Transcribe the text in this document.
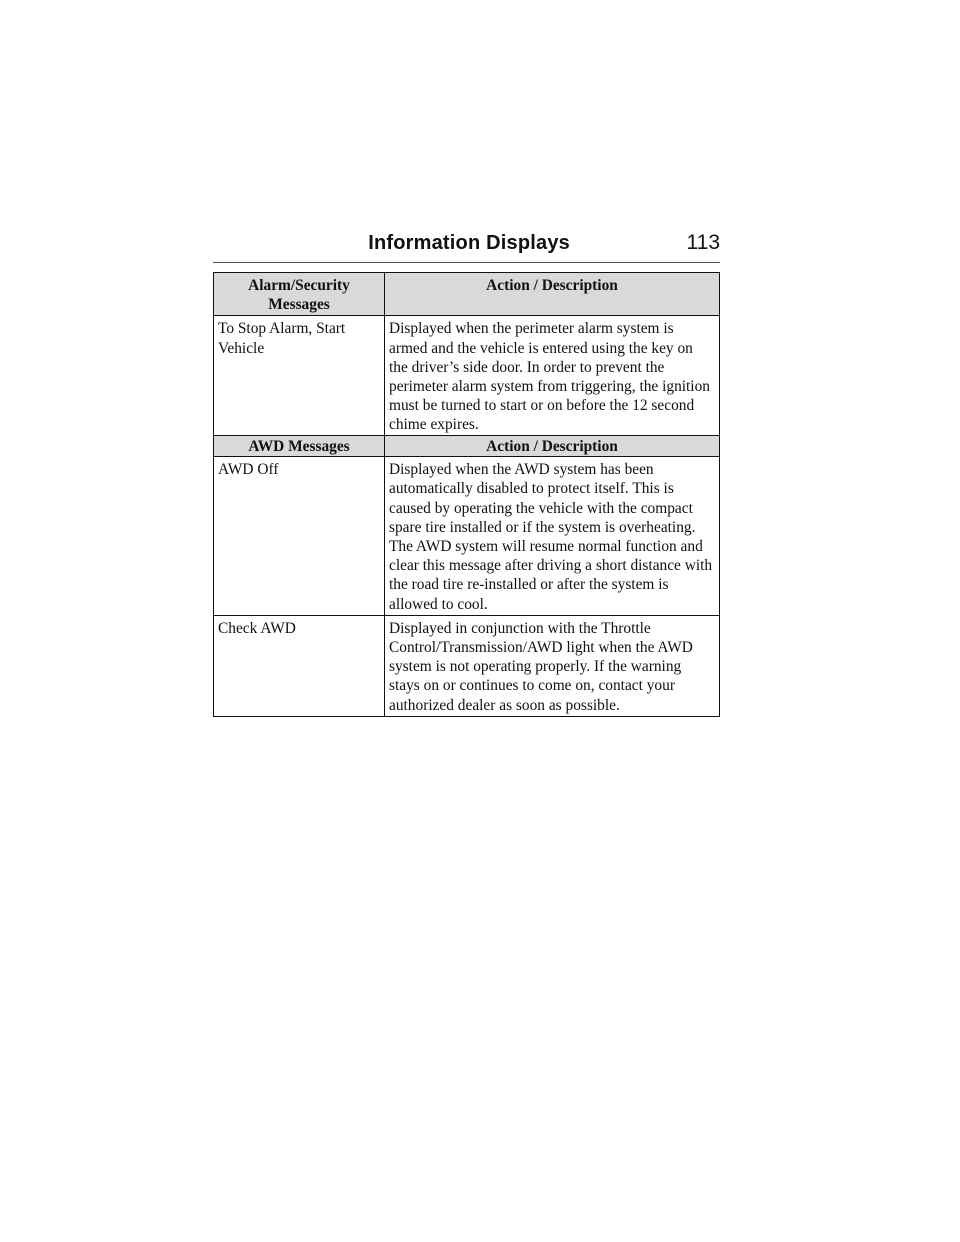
Information Displays	113
Alarm/Security Messages	Action / Description
To Stop Alarm, Start Vehicle	Displayed when the perimeter alarm system is armed and the vehicle is entered using the key on the driver’s side door. In order to prevent the perimeter alarm system from triggering, the ignition must be turned to start or on before the 12 second chime expires.
AWD Messages	Action / Description
AWD Off	Displayed when the AWD system has been automatically disabled to protect itself. This is caused by operating the vehicle with the compact spare tire installed or if the system is overheating. The AWD system will resume normal function and clear this message after driving a short distance with the road tire re-installed or after the system is allowed to cool.
Check AWD	Displayed in conjunction with the Throttle Control/Transmission/AWD light when the AWD system is not operating properly. If the warning stays on or continues to come on, contact your authorized dealer as soon as possible.
